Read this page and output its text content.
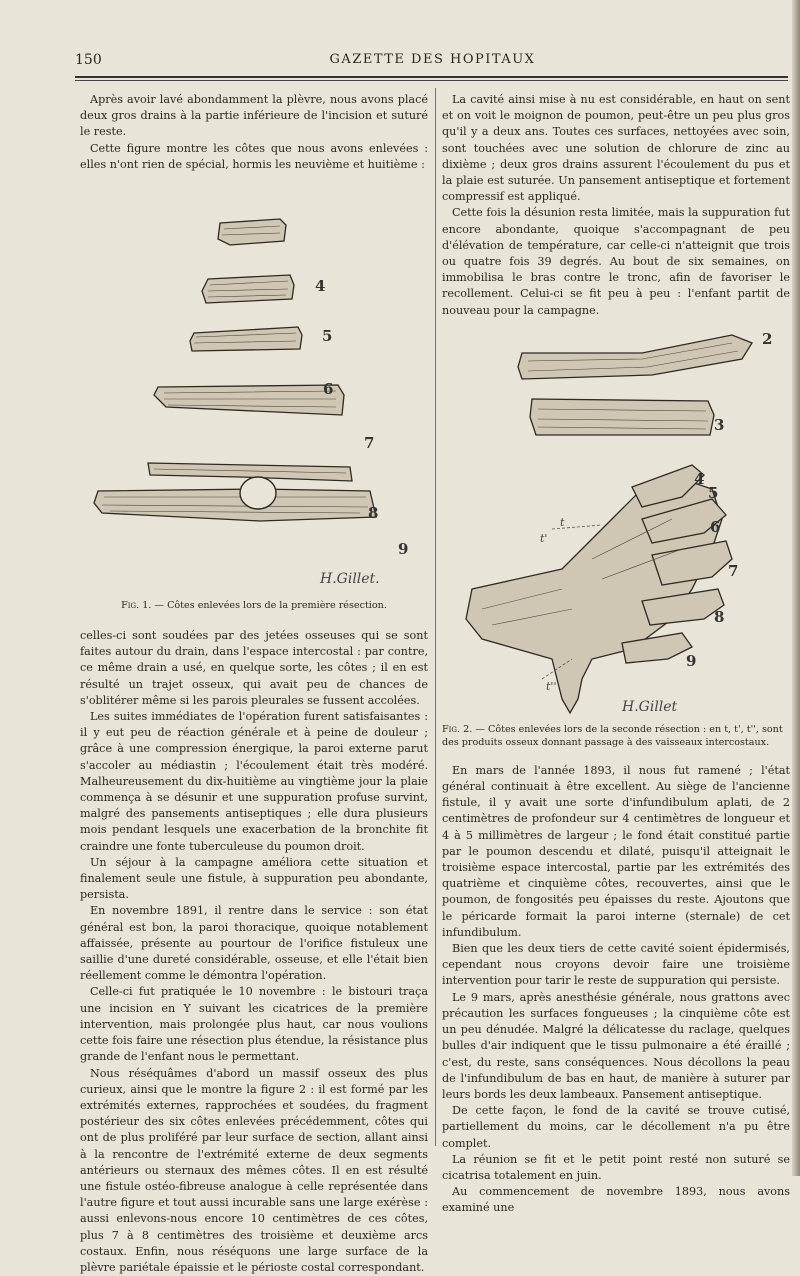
150	GAZETTE DES HOPITAUX

Après avoir lavé abondamment la plèvre, nous avons placé deux gros drains à la partie inférieure de l'incision et suturé le reste.

Cette figure montre les côtes que nous avons enlevées : elles n'ont rien de spécial, hormis les neuvième et huitième :

4
5
6
7
8
9
H.Gillet.

Fig. 1. — Côtes enlevées lors de la première résection.

celles-ci sont soudées par des jetées osseuses qui se sont faites autour du drain, dans l'espace intercostal : par contre, ce même drain a usé, en quelque sorte, les côtes ; il en est résulté un trajet osseux, qui avait peu de chances de s'oblitérer même si les parois pleurales se fussent accolées.

Les suites immédiates de l'opération furent satisfaisantes : il y eut peu de réaction générale et à peine de douleur ; grâce à une compression énergique, la paroi externe parut s'accoler au médiastin ; l'écoulement était très modéré. Malheureusement du dix-huitième au vingtième jour la plaie commença à se désunir et une suppuration profuse survint, malgré des pansements antiseptiques ; elle dura plusieurs mois pendant lesquels une exacerbation de la bronchite fit craindre une fonte tuberculeuse du poumon droit.

Un séjour à la campagne améliora cette situation et finalement seule une fistule, à suppuration peu abondante, persista.

En novembre 1891, il rentre dans le service : son état général est bon, la paroi thoracique, quoique notablement affaissée, présente au pourtour de l'orifice fistuleux une saillie d'une dureté considérable, osseuse, et elle l'était bien réellement comme le démontra l'opération.

Celle-ci fut pratiquée le 10 novembre : le bistouri traça une incision en Y suivant les cicatrices de la première intervention, mais prolongée plus haut, car nous voulions cette fois faire une résection plus étendue, la résistance plus grande de l'enfant nous le permettant.

Nous réséquâmes d'abord un massif osseux des plus curieux, ainsi que le montre la figure 2 : il est formé par les extrémités externes, rapprochées et soudées, du fragment postérieur des six côtes enlevées précédemment, côtes qui ont de plus proliféré par leur surface de section, allant ainsi à la rencontre de l'extrémité externe de deux segments antérieurs ou sternaux des mêmes côtes. Il en est résulté une fistule ostéo-fibreuse analogue à celle représentée dans l'autre figure et tout aussi incurable sans une large exérèse : aussi enlevons-nous encore 10 centimètres de ces côtes, plus 7 à 8 centimètres des troisième et deuxième arcs costaux. Enfin, nous réséquons une large surface de la plèvre pariétale épaissie et le périoste costal correspondant.

La cavité ainsi mise à nu est considérable, en haut on sent et on voit le moignon de poumon, peut-être un peu plus gros qu'il y a deux ans. Toutes ces surfaces, nettoyées avec soin, sont touchées avec une solution de chlorure de zinc au dixième ; deux gros drains assurent l'écoulement du pus et la plaie est suturée. Un pansement antiseptique et fortement compressif est appliqué.

Cette fois la désunion resta limitée, mais la suppuration fut encore abondante, quoique s'accompagnant de peu d'élévation de température, car celle-ci n'atteignit que trois ou quatre fois 39 degrés. Au bout de six semaines, on immobilisa le bras contre le tronc, afin de favoriser le recollement. Celui-ci se fit peu à peu : l'enfant partit de nouveau pour la campagne.

2
3
4
5
6
7
8
9
t
t'
t''
H.Gillet

Fig. 2. — Côtes enlevées lors de la seconde résection : en t, t', t'', sont des produits osseux donnant passage à des vaisseaux intercostaux.

En mars de l'année 1893, il nous fut ramené ; l'état général continuait à être excellent. Au siège de l'ancienne fistule, il y avait une sorte d'infundibulum aplati, de 2 centimètres de profondeur sur 4 centimètres de longueur et 4 à 5 millimètres de largeur ; le fond était constitué partie par le poumon descendu et dilaté, puisqu'il atteignait le troisième espace intercostal, partie par les extrémités des quatrième et cinquième côtes, recouvertes, ainsi que le poumon, de fongosités peu épaisses du reste. Ajoutons que le péricarde formait la paroi interne (sternale) de cet infundibulum.

Bien que les deux tiers de cette cavité soient épidermisés, cependant nous croyons devoir faire une troisième intervention pour tarir le reste de suppuration qui persiste.

Le 9 mars, après anesthésie générale, nous grattons avec précaution les surfaces fongueuses ; la cinquième côte est un peu dénudée. Malgré la délicatesse du raclage, quelques bulles d'air indiquent que le tissu pulmonaire a été éraillé ; c'est, du reste, sans conséquences. Nous décollons la peau de l'infundibulum de bas en haut, de manière à suturer par leurs bords les deux lambeaux. Pansement antiseptique.

De cette façon, le fond de la cavité se trouve cutisé, partiellement du moins, car le décollement n'a pu être complet.

La réunion se fit et le petit point resté non suturé se cicatrisa totalement en juin.

Au commencement de novembre 1893, nous avons examiné une
